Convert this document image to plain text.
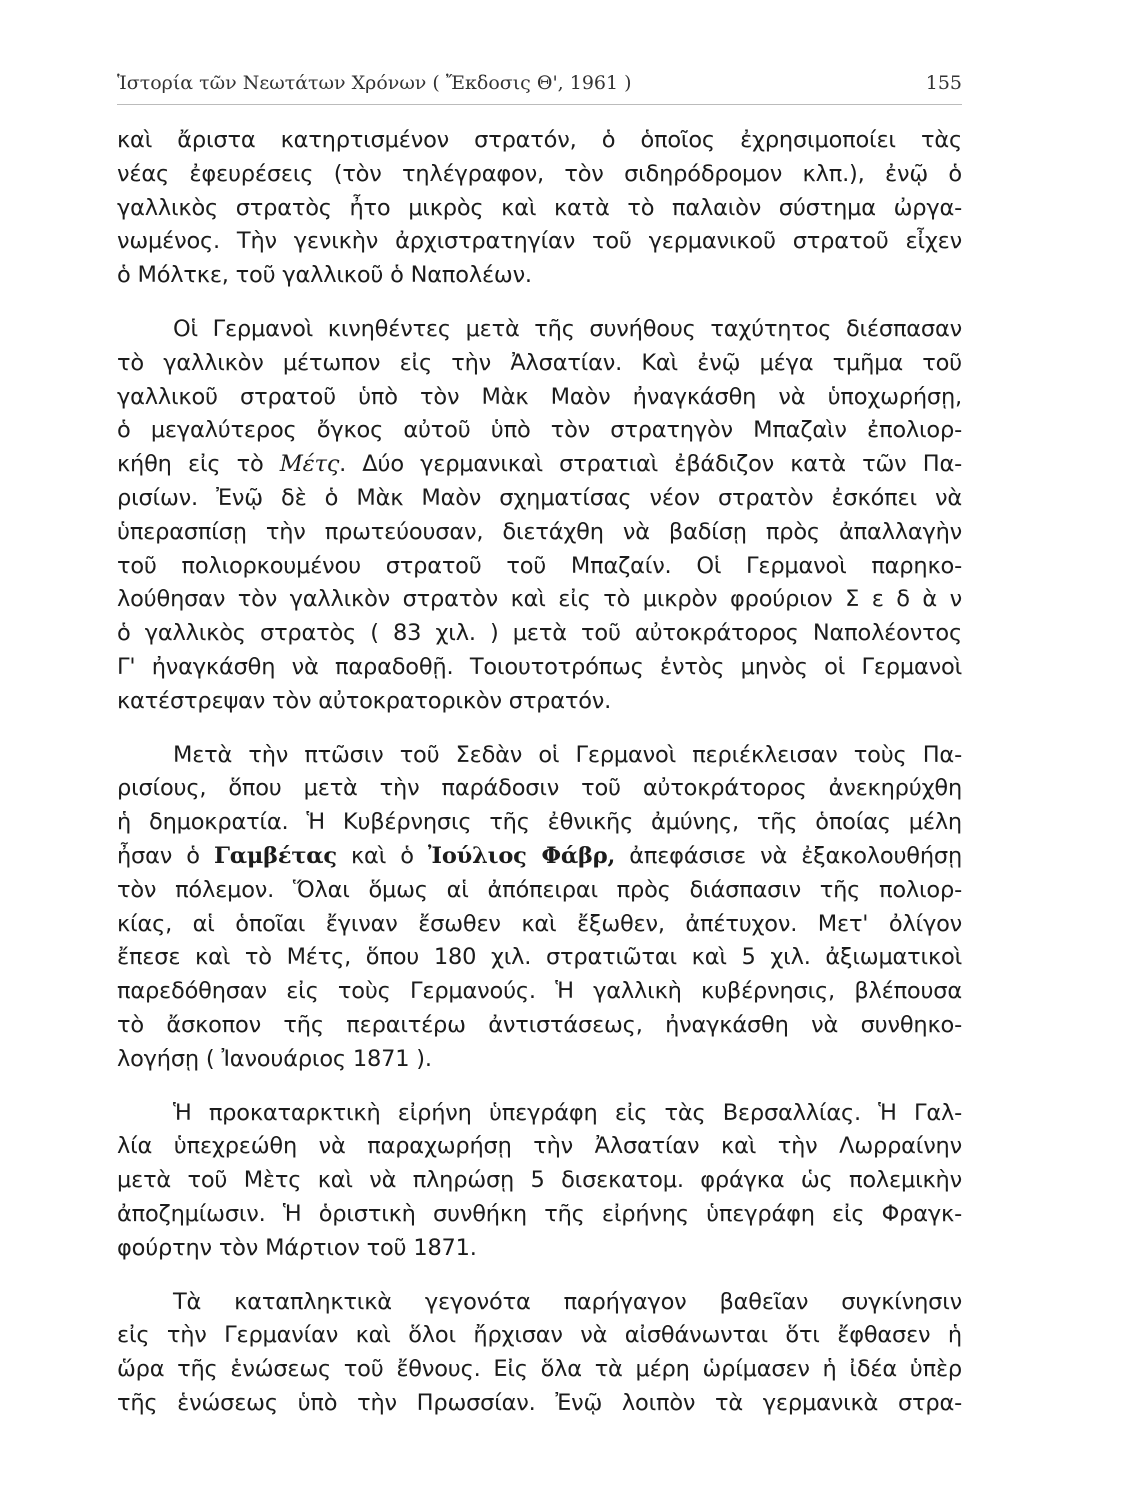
Ἱστορία τῶν Νεωτάτων Χρόνων ( Ἔκδοσις Θ', 1961 )	155
καὶ ἄριστα κατηρτισμένον στρατόν, ὁ ὁποῖος ἐχρησιμοποίει τὰς
νέας ἐφευρέσεις (τὸν τηλέγραφον, τὸν σιδηρόδρομον κλπ.), ἐνῷ ὁ
γαλλικὸς στρατὸς ἦτο μικρὸς καὶ κατὰ τὸ παλαιὸν σύστημα ὠργα-
νωμένος. Τὴν γενικὴν ἀρχιστρατηγίαν τοῦ γερμανικοῦ στρατοῦ εἶχεν
ὁ Μόλτκε, τοῦ γαλλικοῦ ὁ Ναπολέων.
Οἱ Γερμανοὶ κινηθέντες μετὰ τῆς συνήθους ταχύτητος διέσπασαν
τὸ γαλλικὸν μέτωπον εἰς τὴν Ἀλσατίαν. Καὶ ἐνῷ μέγα τμῆμα τοῦ
γαλλικοῦ στρατοῦ ὑπὸ τὸν Μὰκ Μαὸν ἠναγκάσθη νὰ ὑποχωρήσῃ,
ὁ μεγαλύτερος ὄγκος αὐτοῦ ὑπὸ τὸν στρατηγὸν Μπαζαὶν ἐπολιορ-
κήθη εἰς τὸ Μέτς. Δύο γερμανικαὶ στρατιαὶ ἐβάδιζον κατὰ τῶν Πα-
ρισίων. Ἐνῷ δὲ ὁ Μὰκ Μαὸν σχηματίσας νέον στρατὸν ἐσκόπει νὰ
ὑπερασπίσῃ τὴν πρωτεύουσαν, διετάχθη νὰ βαδίσῃ πρὸς ἀπαλλαγὴν
τοῦ πολιορκουμένου στρατοῦ τοῦ Μπαζαίν. Οἱ Γερμανοὶ παρηκο-
λούθησαν τὸν γαλλικὸν στρατὸν καὶ εἰς τὸ μικρὸν φρούριον Σ ε δ ὰ ν
ὁ γαλλικὸς στρατὸς ( 83 χιλ. ) μετὰ τοῦ αὐτοκράτορος Ναπολέοντος
Γ' ἠναγκάσθη νὰ παραδοθῇ. Τοιουτοτρόπως ἐντὸς μηνὸς οἱ Γερμανοὶ
κατέστρεψαν τὸν αὐτοκρατορικὸν στρατόν.
Μετὰ τὴν πτῶσιν τοῦ Σεδὰν οἱ Γερμανοὶ περιέκλεισαν τοὺς Πα-
ρισίους, ὅπου μετὰ τὴν παράδοσιν τοῦ αὐτοκράτορος ἀνεκηρύχθη
ἡ δημοκρατία. Ἡ Κυβέρνησις τῆς ἐθνικῆς ἀμύνης, τῆς ὁποίας μέλη
ἦσαν ὁ Γαμβέτας καὶ ὁ Ἰούλιος Φάβρ, ἀπεφάσισε νὰ ἐξακολουθήσῃ
τὸν πόλεμον. Ὅλαι ὅμως αἱ ἀπόπειραι πρὸς διάσπασιν τῆς πολιορ-
κίας, αἱ ὁποῖαι ἔγιναν ἔσωθεν καὶ ἔξωθεν, ἀπέτυχον. Μετ' ὀλίγον
ἔπεσε καὶ τὸ Μέτς, ὅπου 180 χιλ. στρατιῶται καὶ 5 χιλ. ἀξιωματικοὶ
παρεδόθησαν εἰς τοὺς Γερμανούς. Ἡ γαλλικὴ κυβέρνησις, βλέπουσα
τὸ ἄσκοπον τῆς περαιτέρω ἀντιστάσεως, ἠναγκάσθη νὰ συνθηκο-
λογήσῃ ( Ἰανουάριος 1871 ).
Ἡ προκαταρκτικὴ εἰρήνη ὑπεγράφη εἰς τὰς Βερσαλλίας. Ἡ Γαλ-
λία ὑπεχρεώθη νὰ παραχωρήσῃ τὴν Ἀλσατίαν καὶ τὴν Λωρραίνην
μετὰ τοῦ Μὲτς καὶ νὰ πληρώσῃ 5 δισεκατομ. φράγκα ὡς πολεμικὴν
ἀποζημίωσιν. Ἡ ὁριστικὴ συνθήκη τῆς εἰρήνης ὑπεγράφη εἰς Φραγκ-
φούρτην τὸν Μάρτιον τοῦ 1871.
Τὰ καταπληκτικὰ γεγονότα παρήγαγον βαθεῖαν συγκίνησιν
εἰς τὴν Γερμανίαν καὶ ὅλοι ἤρχισαν νὰ αἰσθάνωνται ὅτι ἔφθασεν ἡ
ὥρα τῆς ἑνώσεως τοῦ ἔθνους. Εἰς ὅλα τὰ μέρη ὡρίμασεν ἡ ἰδέα ὑπὲρ
τῆς ἑνώσεως ὑπὸ τὴν Πρωσσίαν. Ἐνῷ λοιπὸν τὰ γερμανικὰ στρα-
